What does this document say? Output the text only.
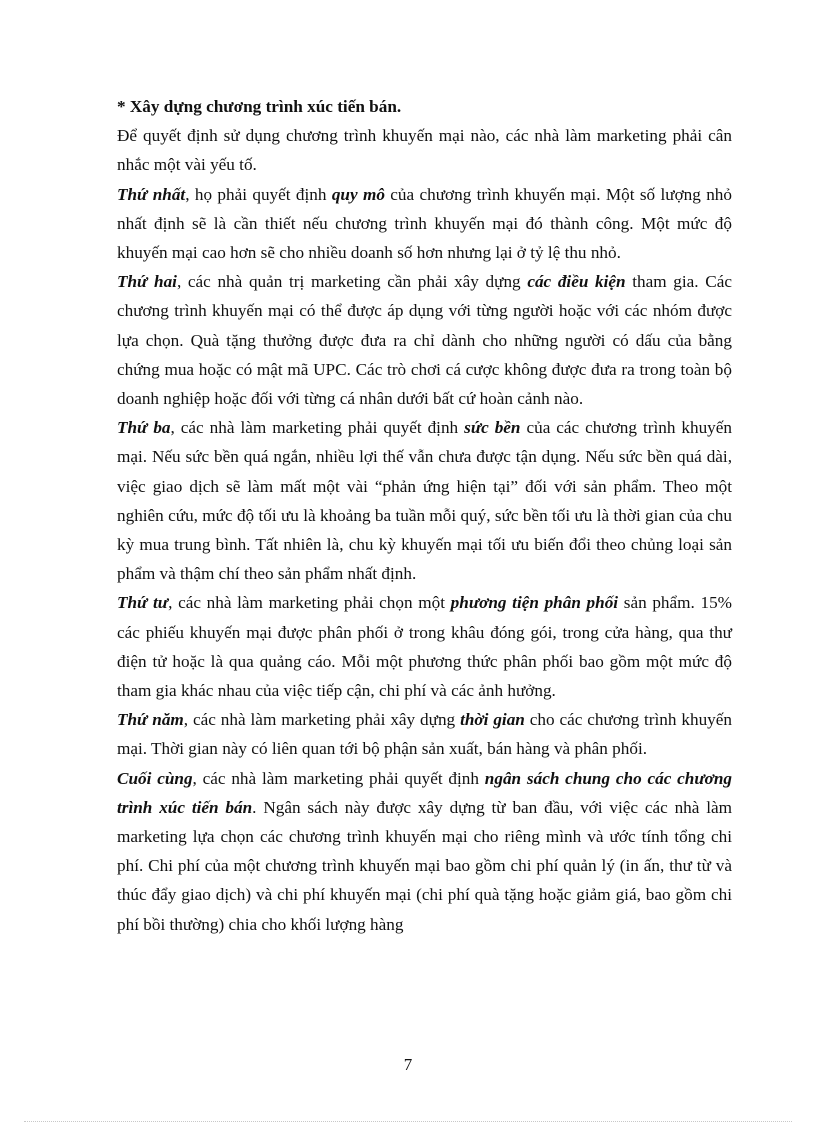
* Xây dựng chương trình xúc tiến bán.

Để quyết định sử dụng chương trình khuyến mại nào, các nhà làm marketing phải cân nhắc một vài yếu tố.

Thứ nhất, họ phải quyết định quy mô của chương trình khuyến mại. Một số lượng nhỏ nhất định sẽ là cần thiết nếu chương trình khuyến mại đó thành công. Một mức độ khuyến mại cao hơn sẽ cho nhiều doanh số hơn nhưng lại ở tỷ lệ thu nhỏ.

Thứ hai, các nhà quản trị marketing cần phải xây dựng các điều kiện tham gia. Các chương trình khuyến mại có thể được áp dụng với từng người hoặc với các nhóm được lựa chọn. Quà tặng thưởng được đưa ra chỉ dành cho những người có dấu của bằng chứng mua hoặc có mật mã UPC. Các trò chơi cá cược không được đưa ra trong toàn bộ doanh nghiệp hoặc đối với từng cá nhân dưới bất cứ hoàn cảnh nào.

Thứ ba, các nhà làm marketing phải quyết định sức bền của các chương trình khuyến mại. Nếu sức bền quá ngắn, nhiều lợi thế vẫn chưa được tận dụng. Nếu sức bền quá dài, việc giao dịch sẽ làm mất một vài “phản ứng hiện tại” đối với sản phẩm. Theo một nghiên cứu, mức độ tối ưu là khoảng ba tuần mỗi quý, sức bền tối ưu là thời gian của chu kỳ mua trung bình. Tất nhiên là, chu kỳ khuyến mại tối ưu biến đổi theo chủng loại sản phẩm và thậm chí theo sản phẩm nhất định.

Thứ tư, các nhà làm marketing phải chọn một phương tiện phân phối sản phẩm. 15% các phiếu khuyến mại được phân phối ở trong khâu đóng gói, trong cửa hàng, qua thư điện tử hoặc là qua quảng cáo. Mỗi một phương thức phân phối bao gồm một mức độ tham gia khác nhau của việc tiếp cận, chi phí và các ảnh hưởng.

Thứ năm, các nhà làm marketing phải xây dựng thời gian cho các chương trình khuyến mại. Thời gian này có liên quan tới bộ phận sản xuất, bán hàng và phân phối.

Cuối cùng, các nhà làm marketing phải quyết định ngân sách chung cho các chương trình xúc tiến bán. Ngân sách này được xây dựng từ ban đầu, với việc các nhà làm marketing lựa chọn các chương trình khuyến mại cho riêng mình và ước tính tổng chi phí. Chi phí của một chương trình khuyến mại bao gồm chi phí quản lý (in ấn, thư từ và thúc đẩy giao dịch) và chi phí khuyến mại (chi phí quà tặng hoặc giảm giá, bao gồm chi phí bồi thường) chia cho khối lượng hàng

7
